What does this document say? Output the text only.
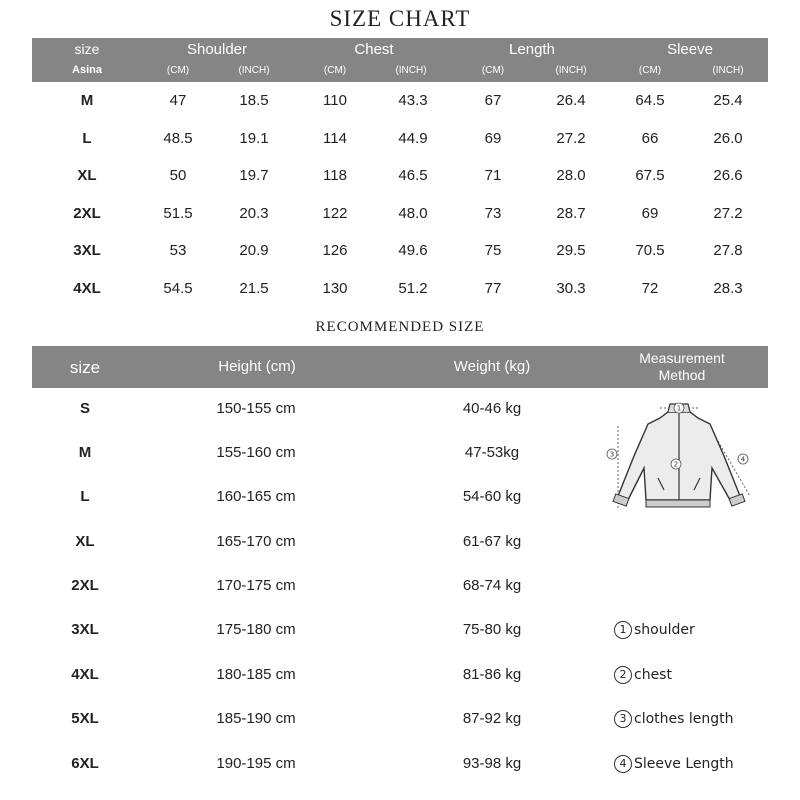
SIZE CHART
size
Asina
Shoulder	Chest	Length	Sleeve
(CM)	(INCH)	(CM)	(INCH)	(CM)	(INCH)	(CM)	(INCH)
M	47	18.5	110	43.3	67	26.4	64.5	25.4
L	48.5	19.1	114	44.9	69	27.2	66	26.0
XL	50	19.7	118	46.5	71	28.0	67.5	26.6
2XL	51.5	20.3	122	48.0	73	28.7	69	27.2
3XL	53	20.9	126	49.6	75	29.5	70.5	27.8
4XL	54.5	21.5	130	51.2	77	30.3	72	28.3
RECOMMENDED SIZE
size	Height (cm)	Weight (kg)	Measurement
Method
S	150-155 cm	40-46 kg
M	155-160 cm	47-53kg
L	160-165 cm	54-60 kg
XL	165-170 cm	61-67 kg
2XL	170-175 cm	68-74 kg
3XL	175-180 cm	75-80 kg
4XL	180-185 cm	81-86 kg
5XL	185-190 cm	87-92 kg
6XL	190-195 cm	93-98 kg
1
2
3
4
1 shoulder
2 chest
3 clothes length
4 Sleeve Length
